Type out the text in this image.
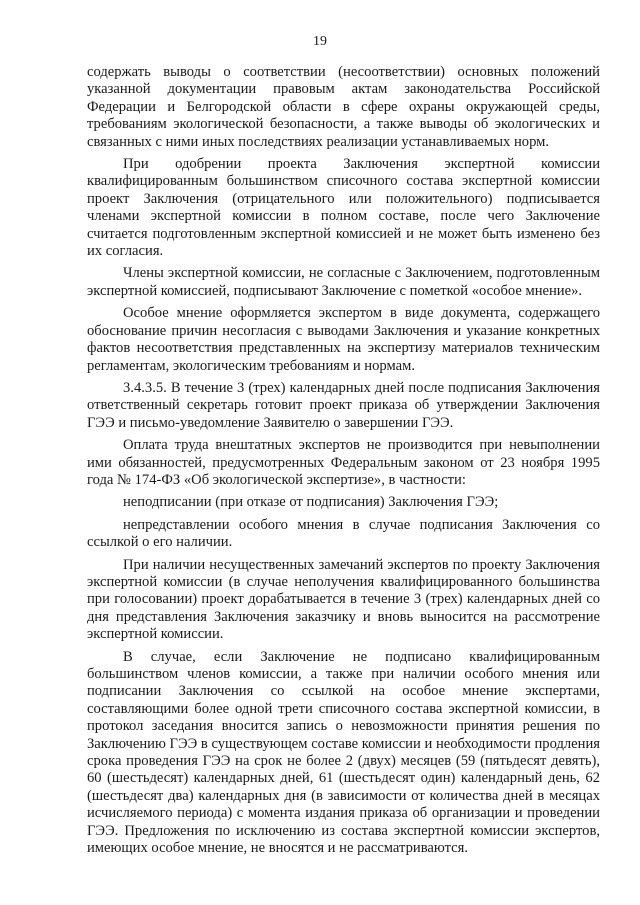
19

содержать выводы о соответствии (несоответствии) основных положений указанной документации правовым актам законодательства Российской Федерации и Белгородской области в сфере охраны окружающей среды, требованиям экологической безопасности, а также выводы об экологических и связанных с ними иных последствиях реализации устанавливаемых норм.

При одобрении проекта Заключения экспертной комиссии квалифицированным большинством списочного состава экспертной комиссии проект Заключения (отрицательного или положительного) подписывается членами экспертной комиссии в полном составе, после чего Заключение считается подготовленным экспертной комиссией и не может быть изменено без их согласия.

Члены экспертной комиссии, не согласные с Заключением, подготовленным экспертной комиссией, подписывают Заключение с пометкой «особое мнение».

Особое мнение оформляется экспертом в виде документа, содержащего обоснование причин несогласия с выводами Заключения и указание конкретных фактов несоответствия представленных на экспертизу материалов техническим регламентам, экологическим требованиям и нормам.

3.4.3.5. В течение 3 (трех) календарных дней после подписания Заключения ответственный секретарь готовит проект приказа об утверждении Заключения ГЭЭ и письмо-уведомление Заявителю о завершении ГЭЭ.

Оплата труда внештатных экспертов не производится при невыполнении ими обязанностей, предусмотренных Федеральным законом от 23 ноября 1995 года № 174-ФЗ «Об экологической экспертизе», в частности:

неподписании (при отказе от подписания) Заключения ГЭЭ;

непредставлении особого мнения в случае подписания Заключения со ссылкой о его наличии.

При наличии несущественных замечаний экспертов по проекту Заключения экспертной комиссии (в случае неполучения квалифицированного большинства при голосовании) проект дорабатывается в течение 3 (трех) календарных дней со дня представления Заключения заказчику и вновь выносится на рассмотрение экспертной комиссии.

В случае, если Заключение не подписано квалифицированным большинством членов комиссии, а также при наличии особого мнения или подписании Заключения со ссылкой на особое мнение экспертами, составляющими более одной трети списочного состава экспертной комиссии, в протокол заседания вносится запись о невозможности принятия решения по Заключению ГЭЭ в существующем составе комиссии и необходимости продления срока проведения ГЭЭ на срок не более 2 (двух) месяцев (59 (пятьдесят девять), 60 (шестьдесят) календарных дней, 61 (шестьдесят один) календарный день, 62 (шестьдесят два) календарных дня (в зависимости от количества дней в месяцах исчисляемого периода) с момента издания приказа об организации и проведении ГЭЭ. Предложения по исключению из состава экспертной комиссии экспертов, имеющих особое мнение, не вносятся и не рассматриваются.
